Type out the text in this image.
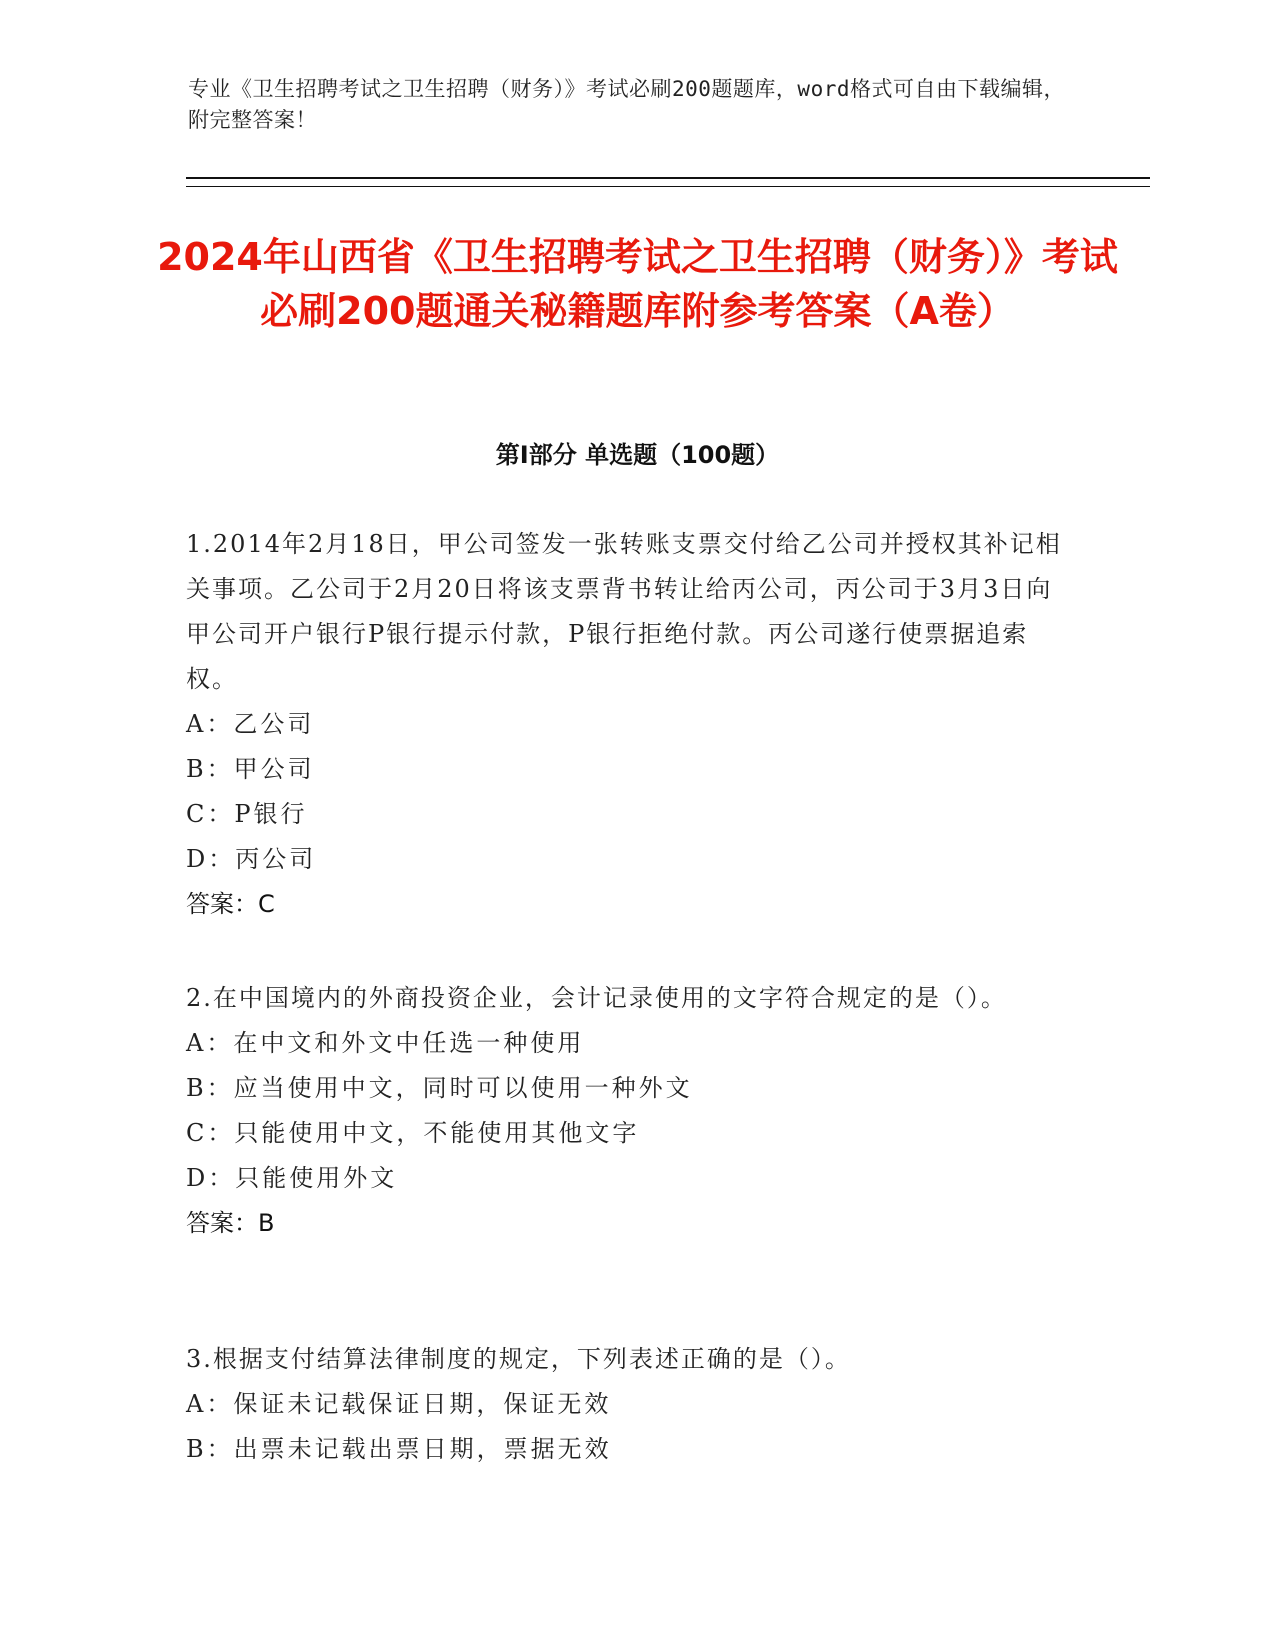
专业《卫生招聘考试之卫生招聘（财务）》考试必刷200题题库，word格式可自由下载编辑，附完整答案！
2024年山西省《卫生招聘考试之卫生招聘（财务）》考试必刷200题通关秘籍题库附参考答案（A卷）
第Ⅰ部分 单选题（100题）

1.2014年2月18日，甲公司签发一张转账支票交付给乙公司并授权其补记相关事项。乙公司于2月20日将该支票背书转让给丙公司，丙公司于3月3日向甲公司开户银行P银行提示付款，P银行拒绝付款。丙公司遂行使票据追索权。

A：乙公司

B：甲公司

C：P银行

D：丙公司

答案：C

2.在中国境内的外商投资企业，会计记录使用的文字符合规定的是（）。

A：在中文和外文中任选一种使用

B：应当使用中文，同时可以使用一种外文

C：只能使用中文，不能使用其他文字

D：只能使用外文

答案：B

3.根据支付结算法律制度的规定，下列表述正确的是（）。

A：保证未记载保证日期，保证无效

B：出票未记载出票日期，票据无效
